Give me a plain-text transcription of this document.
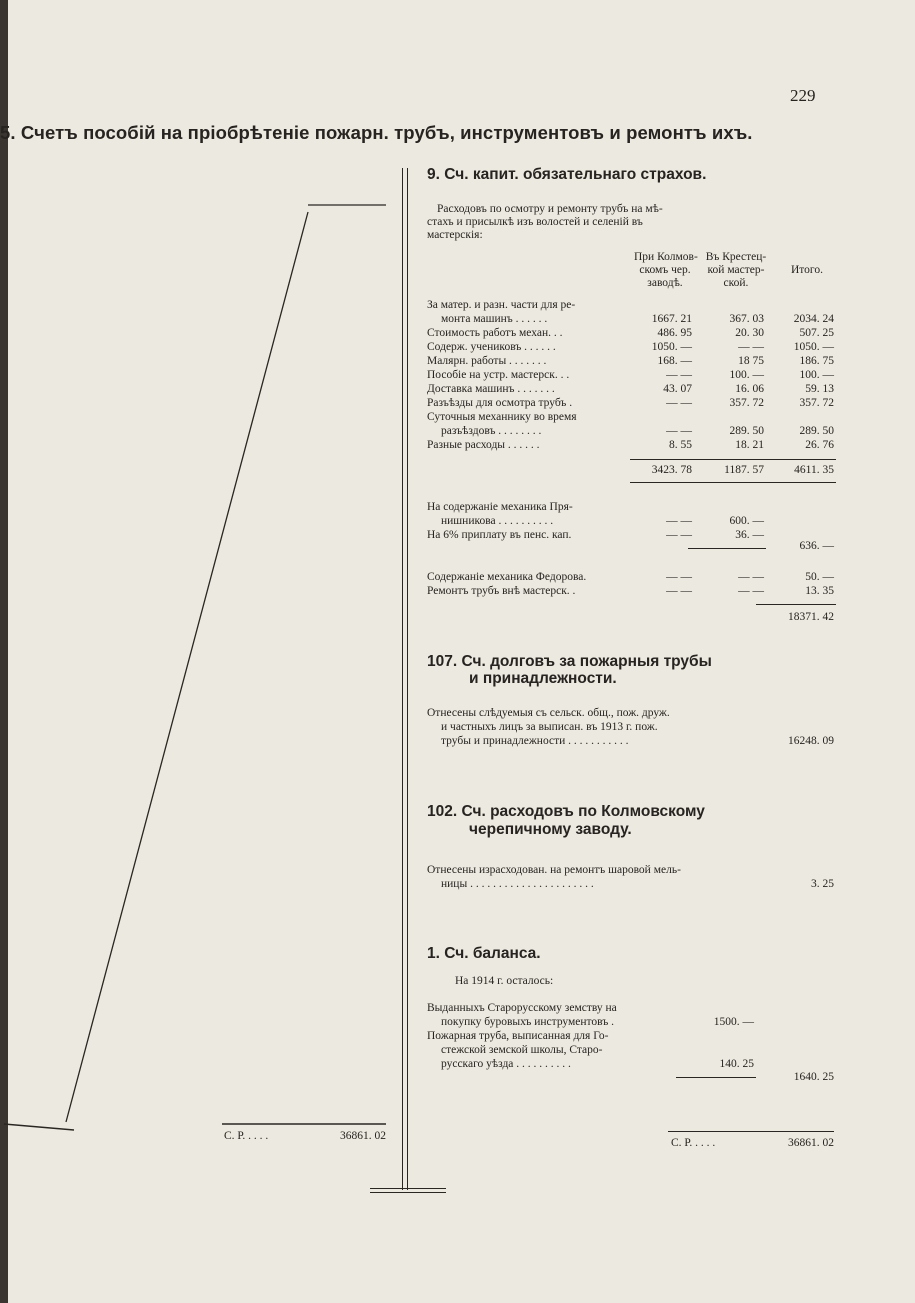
229
5. Счетъ пособій на пріобрѣтеніе пожарн. трубъ, инструментовъ и ремонтъ ихъ.
С. Р. . . . .	36861. 02
9. Сч. капит. обязательнаго страхов.
Расходовъ по осмотру и ремонту трубъ на мѣ-
стахъ и присылкѣ изъ волостей и селеній въ
мастерскія:
При Колмов-
скомъ чер.
заводѣ.
Въ Крестец-
кой мастер-
ской.
Итого.
За матер. и разн. части для ре-
монта машинъ . . . . . .	1667. 21	367. 03	2034. 24
Стоимость работъ механ. . .	486. 95	20. 30	507. 25
Содерж. учениковъ . . . . . .	1050. —	— —	1050. —
Малярн. работы . . . . . . .	168. —	18 75	186. 75
Пособіе на устр. мастерск. . .	— —	100. —	100. —
Доставка машинъ . . . . . . .	43. 07	16. 06	59. 13
Разъѣзды для осмотра трубъ .	— —	357. 72	357. 72
Суточныя механнику во время
разъѣздовъ . . . . . . . .	— —	289. 50	289. 50
Разные расходы . . . . . .	8. 55	18. 21	26. 76
3423. 78	1187. 57	4611. 35
На содержаніе механика Пря-
нишникова . . . . . . . . . .	— —	600. —
На 6% приплату въ пенс. кап.	— —	36. —
636. —
Содержаніе механика Федорова.	— —	— —	50. —
Ремонтъ трубъ внѣ мастерск. .	— —	— —	13. 35
18371. 42
107. Сч. долговъ за пожарныя трубы
и принадлежности.
Отнесены слѣдуемыя съ сельск. общ., пож. друж.
и частныхъ лицъ за выписан. въ 1913 г. пож.
трубы и принадлежности . . . . . . . . . . .	16248. 09
102. Сч. расходовъ по Колмовскому
черепичному заводу.
Отнесены израсходован. на ремонтъ шаровой мель-
ницы . . . . . . . . . . . . . . . . . . . . . .	3. 25
1. Сч. баланса.
На 1914 г. осталось:
Выданныхъ Старорусскому земству на
покупку буровыхъ инструментовъ .	1500. —
Пожарная труба, выписанная для Го-
стежской земской школы, Старо-
русскаго уѣзда . . . . . . . . . .	140. 25
1640. 25
С. Р. . . . .	36861. 02
